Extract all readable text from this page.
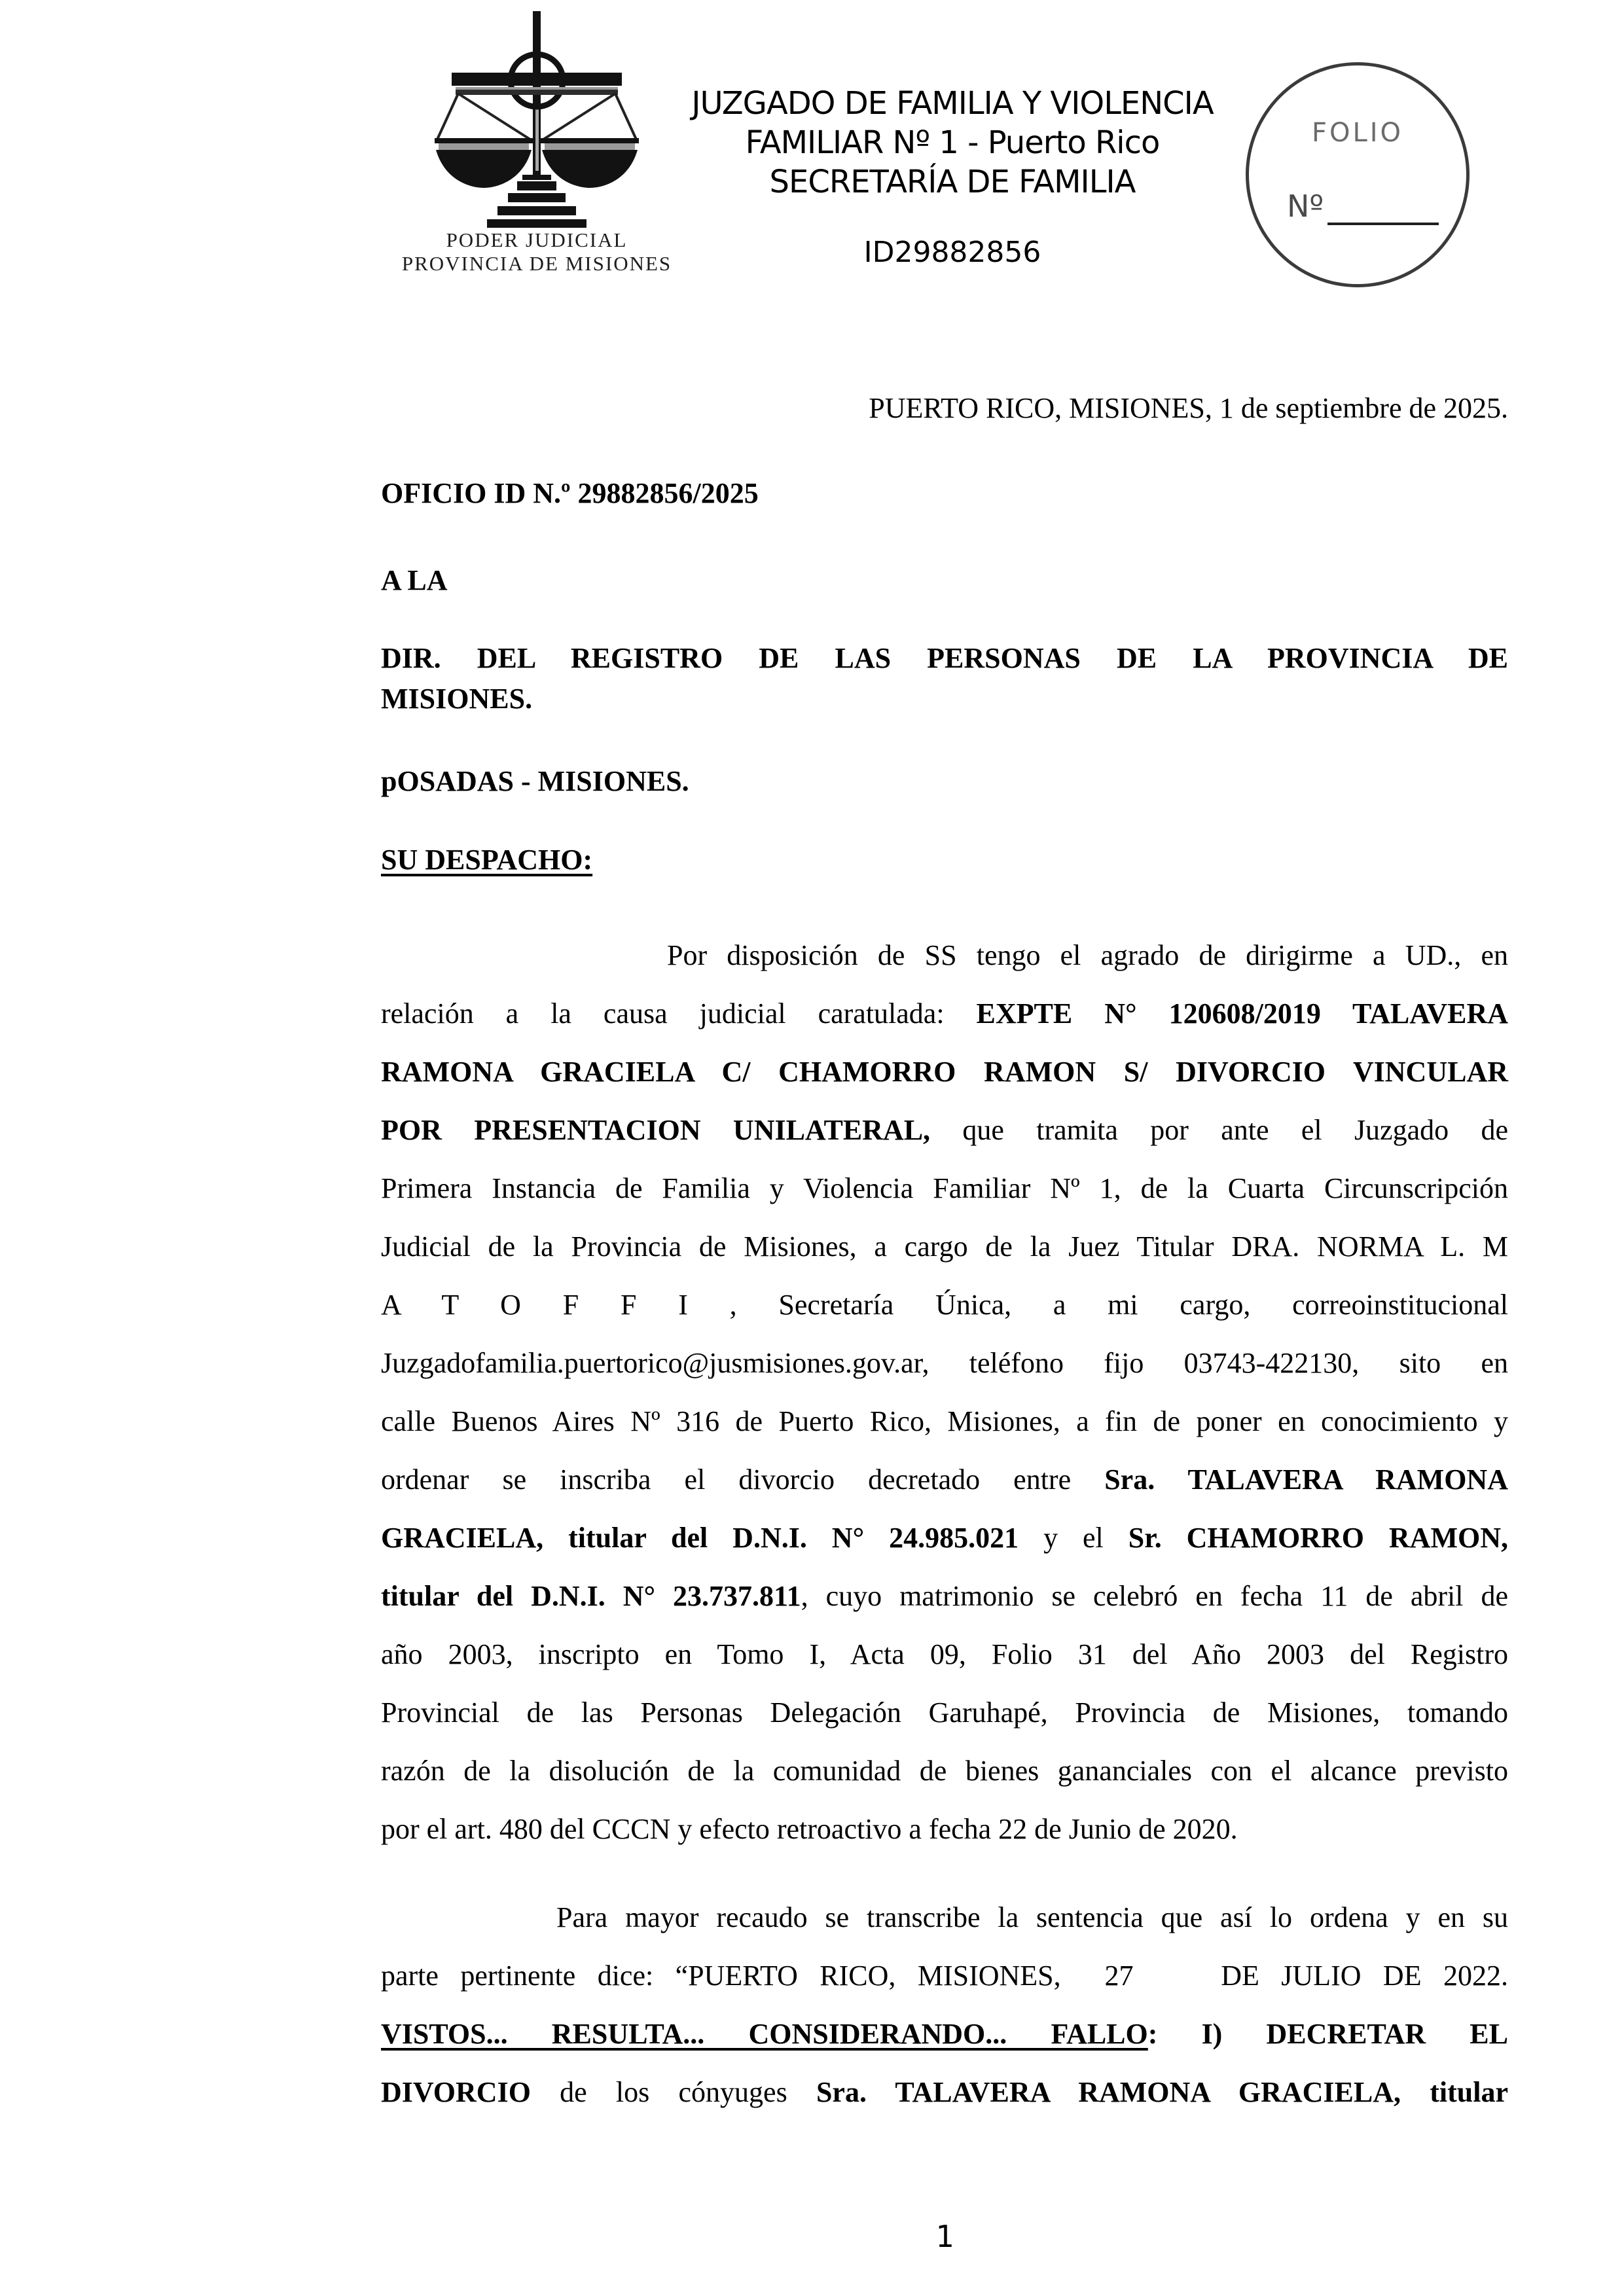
PODER JUDICIAL
PROVINCIA DE MISIONES
JUZGADO DE FAMILIA Y VIOLENCIA
FAMILIAR Nº 1 - Puerto Rico
SECRETARÍA DE FAMILIA
ID29882856
FOLIO
Nº
PUERTO RICO, MISIONES, 1 de septiembre de 2025.
OFICIO ID N.º 29882856/2025
A LA
DIR. DEL REGISTRO DE LAS PERSONAS DE LA PROVINCIA DE
MISIONES.
pOSADAS - MISIONES.
SU DESPACHO:
Por disposición de SS tengo el agrado de dirigirme a UD., en
relación a la causa judicial caratulada: EXPTE N° 120608/2019 TALAVERA
RAMONA GRACIELA C/ CHAMORRO RAMON S/ DIVORCIO VINCULAR
POR PRESENTACION UNILATERAL, que tramita por ante el Juzgado de
Primera Instancia de Familia y Violencia Familiar Nº 1, de la Cuarta Circunscripción
Judicial de la Provincia de Misiones, a cargo de la Juez Titular DRA. NORMA L. M
A T O F F I , Secretaría Única, a mi cargo, correoinstitucional
Juzgadofamilia.puertorico@jusmisiones.gov.ar, teléfono fijo 03743-422130, sito en
calle Buenos Aires Nº 316 de Puerto Rico, Misiones, a fin de poner en conocimiento y
ordenar se inscriba el divorcio decretado entre Sra. TALAVERA RAMONA
GRACIELA, titular del D.N.I. N° 24.985.021 y el Sr. CHAMORRO RAMON,
titular del D.N.I. N° 23.737.811, cuyo matrimonio se celebró en fecha 11 de abril de
año 2003, inscripto en Tomo I, Acta 09, Folio 31 del Año 2003 del Registro
Provincial de las Personas Delegación Garuhapé, Provincia de Misiones, tomando
razón de la disolución de la comunidad de bienes gananciales con el alcance previsto
por el art. 480 del CCCN y efecto retroactivo a fecha 22 de Junio de 2020.
Para mayor recaudo se transcribe la sentencia que así lo ordena y en su
parte pertinente dice: “PUERTO RICO, MISIONES,  27    DE JULIO DE 2022.
VISTOS... RESULTA... CONSIDERANDO... FALLO: I) DECRETAR EL
DIVORCIO de los cónyuges Sra. TALAVERA RAMONA GRACIELA, titular
1
